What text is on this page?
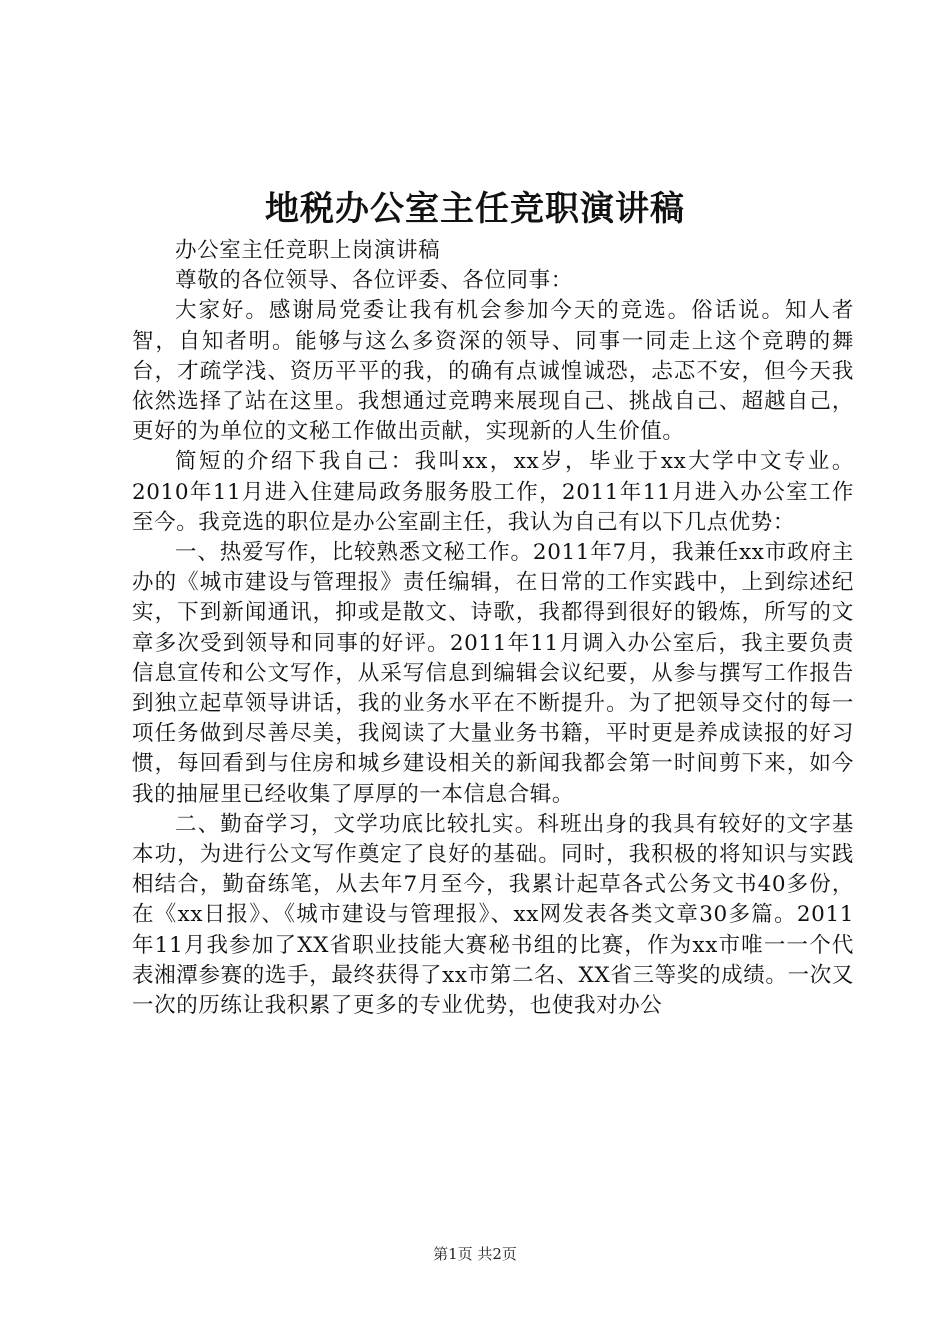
地税办公室主任竞职演讲稿

办公室主任竞职上岗演讲稿

尊敬的各位领导、各位评委、各位同事：

大家好。感谢局党委让我有机会参加今天的竞选。俗话说。知人者智，自知者明。能够与这么多资深的领导、同事一同走上这个竞聘的舞台，才疏学浅、资历平平的我，的确有点诚惶诚恐，忐忑不安，但今天我依然选择了站在这里。我想通过竞聘来展现自己、挑战自己、超越自己，更好的为单位的文秘工作做出贡献，实现新的人生价值。

简短的介绍下我自己：我叫xx，xx岁，毕业于xx大学中文专业。2010年11月进入住建局政务服务股工作，2011年11月进入办公室工作至今。我竞选的职位是办公室副主任，我认为自己有以下几点优势：

一、热爱写作，比较熟悉文秘工作。2011年7月，我兼任xx市政府主办的《城市建设与管理报》责任编辑，在日常的工作实践中，上到综述纪实，下到新闻通讯，抑或是散文、诗歌，我都得到很好的锻炼，所写的文章多次受到领导和同事的好评。2011年11月调入办公室后，我主要负责信息宣传和公文写作，从采写信息到编辑会议纪要，从参与撰写工作报告到独立起草领导讲话，我的业务水平在不断提升。为了把领导交付的每一项任务做到尽善尽美，我阅读了大量业务书籍，平时更是养成读报的好习惯，每回看到与住房和城乡建设相关的新闻我都会第一时间剪下来，如今我的抽屉里已经收集了厚厚的一本信息合辑。

二、勤奋学习，文学功底比较扎实。科班出身的我具有较好的文字基本功，为进行公文写作奠定了良好的基础。同时，我积极的将知识与实践相结合，勤奋练笔，从去年7月至今，我累计起草各式公务文书40多份，在《xx日报》、《城市建设与管理报》、xx网发表各类文章30多篇。2011年11月我参加了XX省职业技能大赛秘书组的比赛，作为xx市唯一一个代表湘潭参赛的选手，最终获得了xx市第二名、XX省三等奖的成绩。一次又一次的历练让我积累了更多的专业优势，也使我对办公

第1页 共2页
